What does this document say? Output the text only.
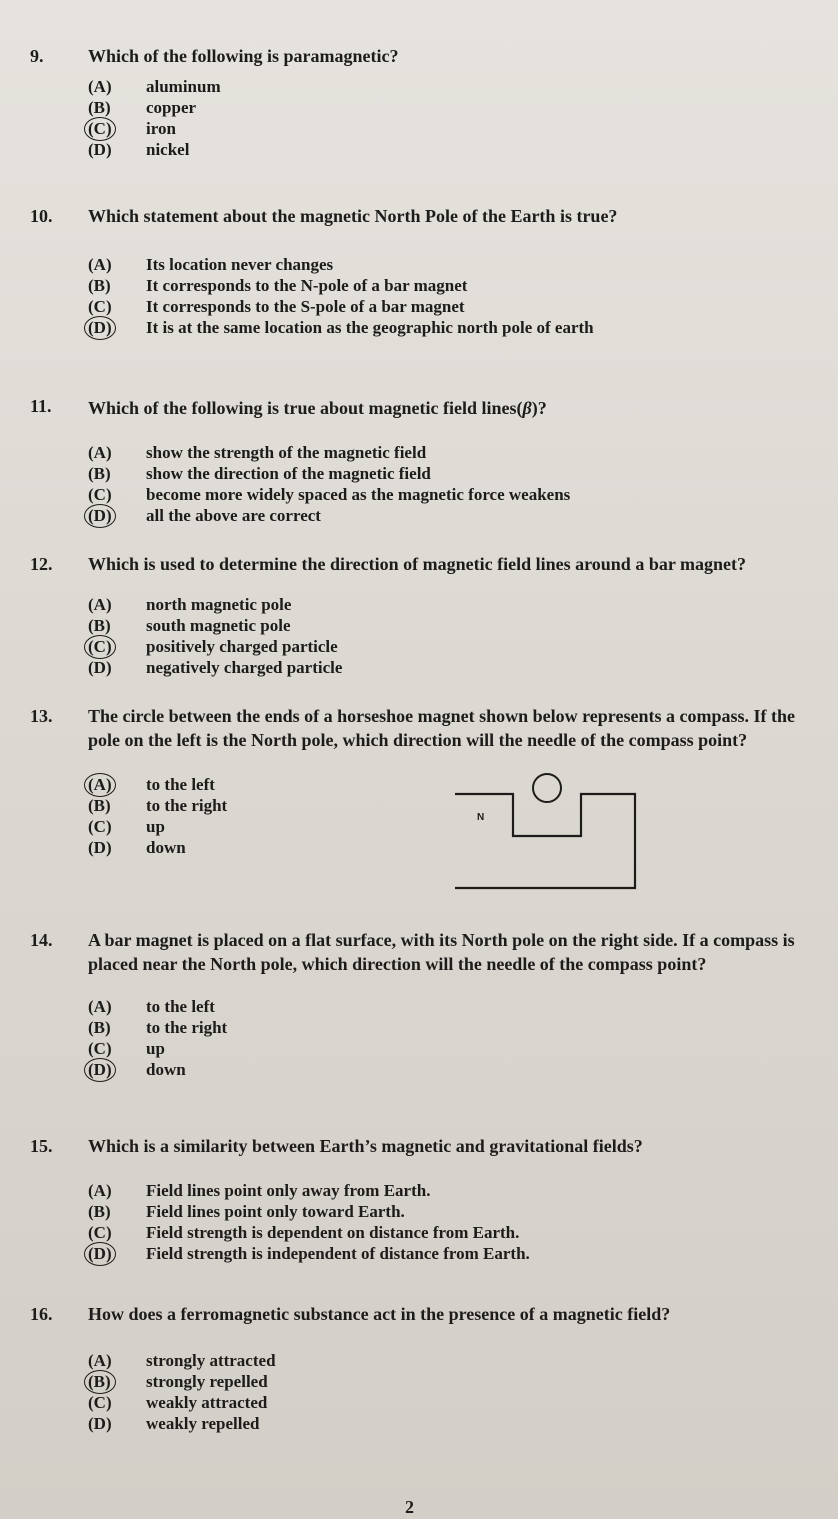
9.	Which of the following is paramagnetic?
(A)	aluminum
(B)	copper
(C)	iron
(D)	nickel
10.	Which statement about the magnetic North Pole of the Earth is true?
(A)	Its location never changes
(B)	It corresponds to the N-pole of a bar magnet
(C)	It corresponds to the S-pole of a bar magnet
(D)	It is at the same location as the geographic north pole of earth
11.	Which of the following is true about magnetic field lines(β)?
(A)	show the strength of the magnetic field
(B)	show the direction of the magnetic field
(C)	become more widely spaced as the magnetic force weakens
(D)	all the above are correct
12.	Which is used to determine the direction of magnetic field lines around a bar magnet?
(A)	north magnetic pole
(B)	south magnetic pole
(C)	positively charged particle
(D)	negatively charged particle
13.	The circle between the ends of a horseshoe magnet shown below represents a compass. If the pole on the left is the North pole, which direction will the needle of the compass point?
(A)	to the left
(B)	to the right
(C)	up
(D)	down
N
14.	A bar magnet is placed on a flat surface, with its North pole on the right side. If a compass is placed near the North pole, which direction will the needle of the compass point?
(A)	to the left
(B)	to the right
(C)	up
(D)	down
15.	Which is a similarity between Earth’s magnetic and gravitational fields?
(A)	Field lines point only away from Earth.
(B)	Field lines point only toward Earth.
(C)	Field strength is dependent on distance from Earth.
(D)	Field strength is independent of distance from Earth.
16.	How does a ferromagnetic substance act in the presence of a magnetic field?
(A)	strongly attracted
(B)	strongly repelled
(C)	weakly attracted
(D)	weakly repelled
2
